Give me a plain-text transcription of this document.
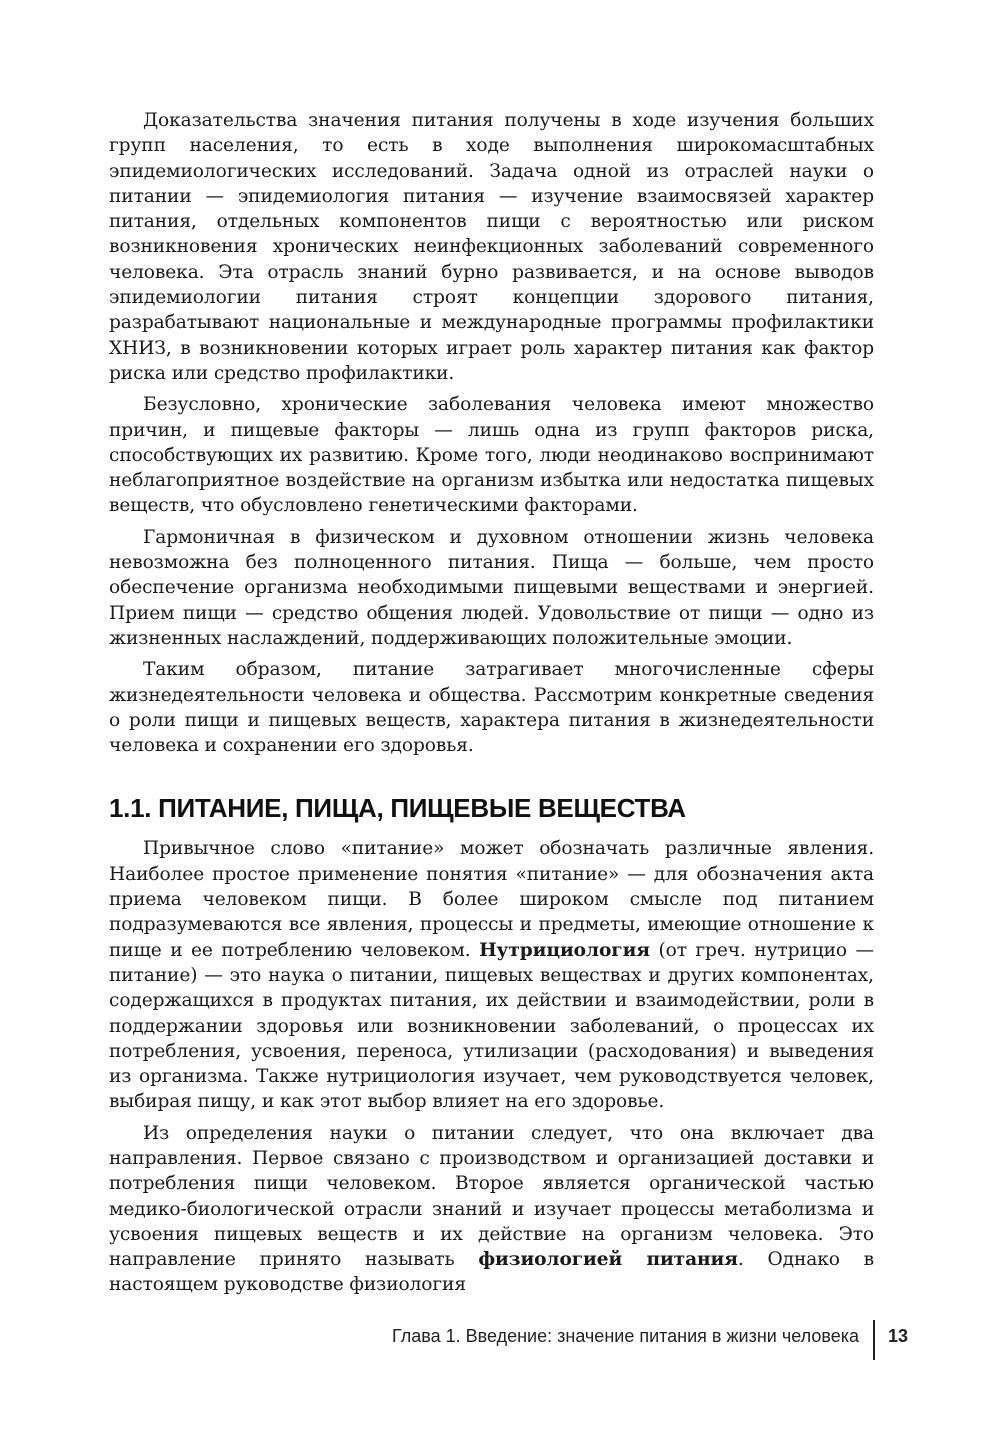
Доказательства значения питания получены в ходе изучения больших групп населения, то есть в ходе выполнения широкомасштабных эпидемиологических исследований. Задача одной из отраслей науки о питании — эпидемиология питания — изучение взаимосвязей характер питания, отдельных компонентов пищи с вероятностью или риском возникновения хронических неинфекционных заболеваний современного человека. Эта отрасль знаний бурно развивается, и на основе выводов эпидемиологии питания строят концепции здорового питания, разрабатывают национальные и международные программы профилактики ХНИЗ, в возникновении которых играет роль характер питания как фактор риска или средство профилактики.

Безусловно, хронические заболевания человека имеют множество причин, и пищевые факторы — лишь одна из групп факторов риска, способствующих их развитию. Кроме того, люди неодинаково воспринимают неблагоприятное воздействие на организм избытка или недостатка пищевых веществ, что обусловлено генетическими факторами.

Гармоничная в физическом и духовном отношении жизнь человека невозможна без полноценного питания. Пища — больше, чем просто обеспечение организма необходимыми пищевыми веществами и энергией. Прием пищи — средство общения людей. Удовольствие от пищи — одно из жизненных наслаждений, поддерживающих положительные эмоции.

Таким образом, питание затрагивает многочисленные сферы жизнедеятельности человека и общества. Рассмотрим конкретные сведения о роли пищи и пищевых веществ, характера питания в жизнедеятельности человека и сохранении его здоровья.

1.1. ПИТАНИЕ, ПИЩА, ПИЩЕВЫЕ ВЕЩЕСТВА

Привычное слово «питание» может обозначать различные явления. Наиболее простое применение понятия «питание» — для обозначения акта приема человеком пищи. В более широком смысле под питанием подразумеваются все явления, процессы и предметы, имеющие отношение к пище и ее потреблению человеком. Нутрициология (от греч. нутрицио — питание) — это наука о питании, пищевых веществах и других компонентах, содержащихся в продуктах питания, их действии и взаимодействии, роли в поддержании здоровья или возникновении заболеваний, о процессах их потребления, усвоения, переноса, утилизации (расходования) и выведения из организма. Также нутрициология изучает, чем руководствуется человек, выбирая пищу, и как этот выбор влияет на его здоровье.

Из определения науки о питании следует, что она включает два направления. Первое связано с производством и организацией доставки и потребления пищи человеком. Второе является органической частью медико-биологической отрасли знаний и изучает процессы метаболизма и усвоения пищевых веществ и их действие на организм человека. Это направление принято называть физиологией питания. Однако в настоящем руководстве физиология

Глава 1. Введение: значение питания в жизни человека 13
